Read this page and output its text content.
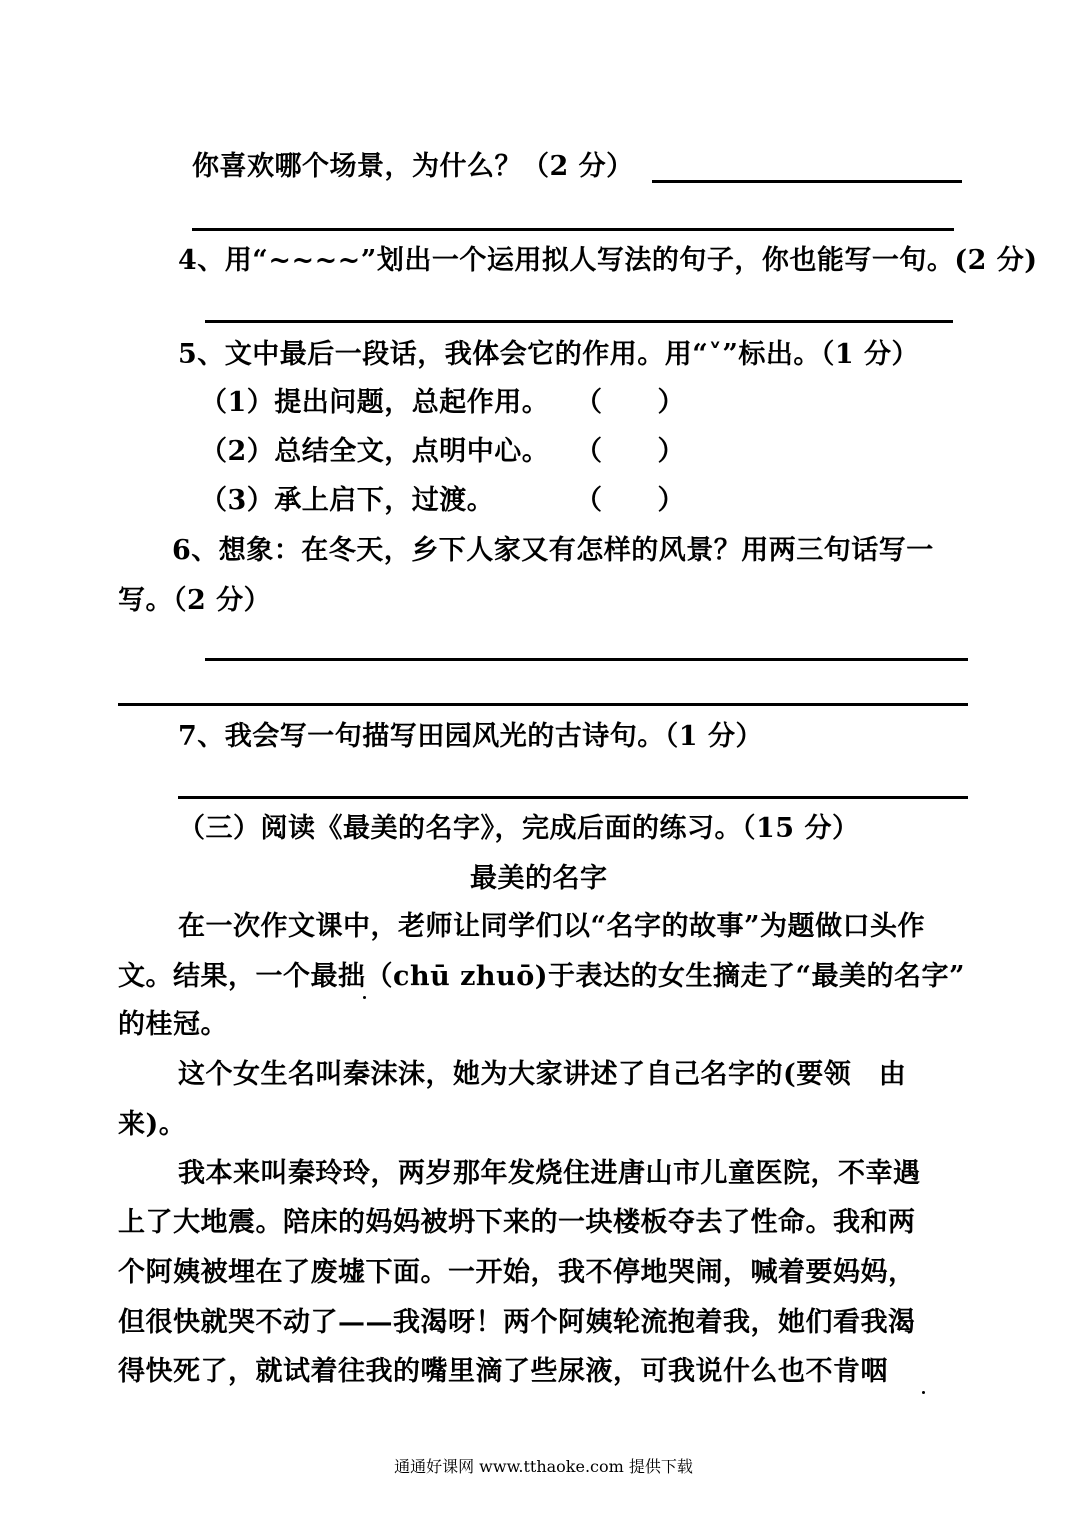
你喜欢哪个场景，为什么？（2 分）
4、用“~~~~”划出一个运用拟人写法的句子，你也能写一句。(2 分)
5、文中最后一段话，我体会它的作用。用“˅”标出。（1 分）
（1）提出问题，总起作用。 （　　）
（2）总结全文，点明中心。 （　　）
（3）承上启下，过渡。	（　　）
6、想象：在冬天，乡下人家又有怎样的风景？用两三句话写一
写。（2 分）
7、我会写一句描写田园风光的古诗句。（1 分）
（三）阅读《最美的名字》，完成后面的练习。（15 分）
最美的名字
在一次作文课中，老师让同学们以“名字的故事”为题做口头作
文。结果，一个最拙（chū zhuō)于表达的女生摘走了“最美的名字”
的桂冠。
这个女生名叫秦沫沫，她为大家讲述了自己名字的(要领　由
来)。
我本来叫秦玲玲，两岁那年发烧住进唐山市儿童医院，不幸遇
上了大地震。陪床的妈妈被坍下来的一块楼板夺去了性命。我和两
个阿姨被埋在了废墟下面。一开始，我不停地哭闹，喊着要妈妈，
但很快就哭不动了——我渴呀！两个阿姨轮流抱着我，她们看我渴
得快死了，就试着往我的嘴里滴了些尿液，可我说什么也不肯咽
通通好课网 www.tthaoke.com 提供下载
